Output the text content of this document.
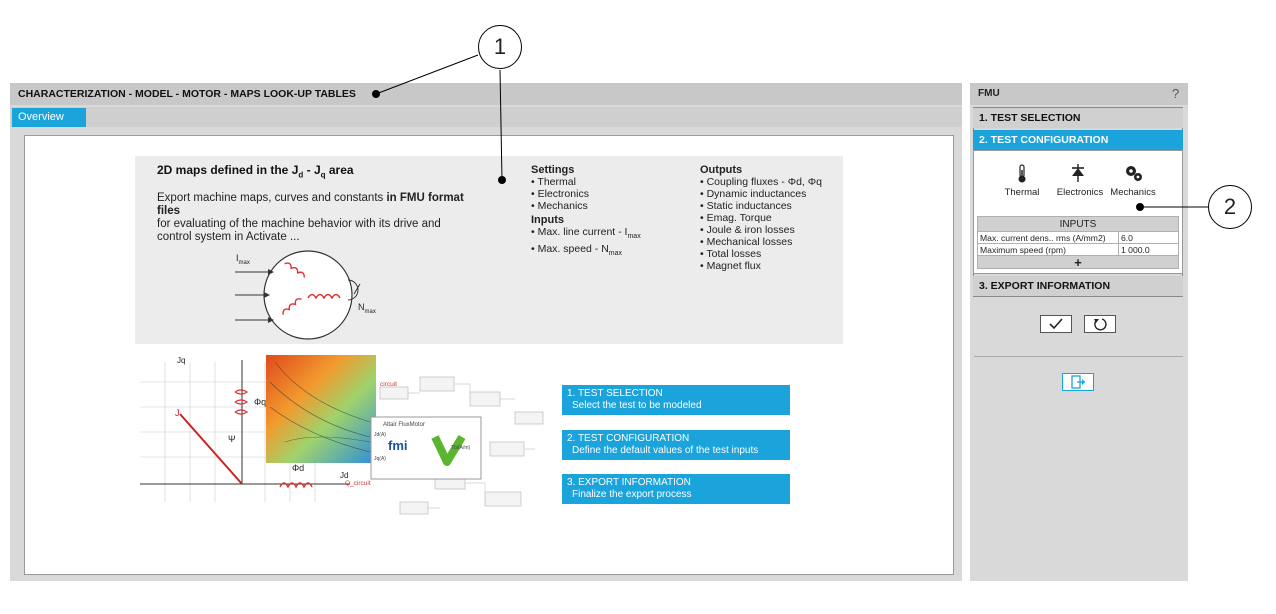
CHARACTERIZATION - MODEL - MOTOR - MAPS LOOK-UP TABLES
Overview
2D maps defined in the $J_d - J_q$ area
Export machine maps, curves and constants in FMU format files
for evaluating of the machine behavior with its drive and control system in Activate ...
Settings
• Thermal
• Electronics
• Mechanics
Inputs
• Max. line current - $I_{max}$
• Max. speed - $N_{max}$
Outputs
• Coupling fluxes - Φd, Φq
• Dynamic inductances
• Static inductances
• Emag. Torque
• Joule & iron losses
• Mechanical losses
• Total losses
• Magnet flux
$I_{max}$
$N_{max}$
Jq
Jd
J
Φq
Φd
Ψ
Q_circuit
circuit
Altair FluxMotor
fmi
Jd(A)
Jq(A)
Tbl(A/m)
1. TEST SELECTION
Select the test to be modeled
2. TEST CONFIGURATION
Define the default values of the test inputs
3. EXPORT INFORMATION
Finalize the export process
FMU	?
1. TEST SELECTION
2. TEST CONFIGURATION
Thermal	Electronics Mechanics
INPUTS	
Max. current dens.. rms (A/mm2)	6.0
Maximum speed (rpm)	1 000.0
+	
3. EXPORT INFORMATION
1
2
